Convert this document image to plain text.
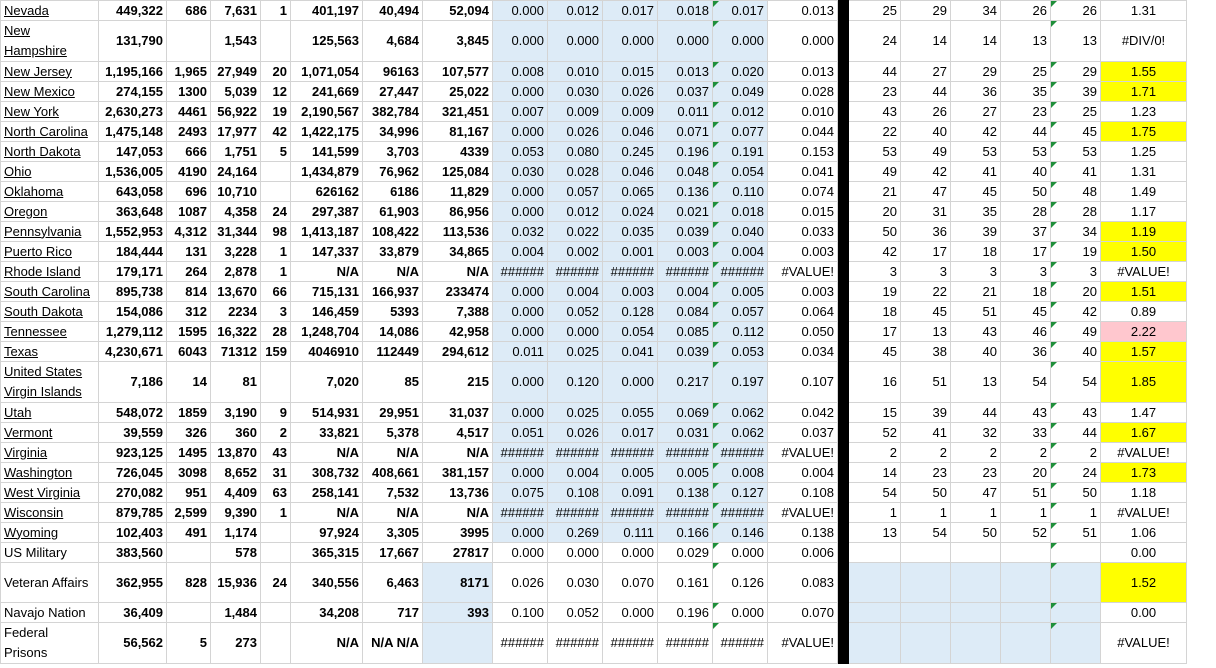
Nevada	449,322	686	7,631	1	401,197	40,494	52,094	0.000	0.012	0.017	0.018	0.017	0.013		25	29	34	26	26	1.31
New Hampshire	131,790		1,543		125,563	4,684	3,845	0.000	0.000	0.000	0.000	0.000	0.000		24	14	14	13	13	#DIV/0!
New Jersey	1,195,166	1,965	27,949	20	1,071,054	96163	107,577	0.008	0.010	0.015	0.013	0.020	0.013		44	27	29	25	29	1.55
New Mexico	274,155	1300	5,039	12	241,669	27,447	25,022	0.000	0.030	0.026	0.037	0.049	0.028		23	44	36	35	39	1.71
New York	2,630,273	4461	56,922	19	2,190,567	382,784	321,451	0.007	0.009	0.009	0.011	0.012	0.010		43	26	27	23	25	1.23
North Carolina	1,475,148	2493	17,977	42	1,422,175	34,996	81,167	0.000	0.026	0.046	0.071	0.077	0.044		22	40	42	44	45	1.75
North Dakota	147,053	666	1,751	5	141,599	3,703	4339	0.053	0.080	0.245	0.196	0.191	0.153		53	49	53	53	53	1.25
Ohio	1,536,005	4190	24,164		1,434,879	76,962	125,084	0.030	0.028	0.046	0.048	0.054	0.041		49	42	41	40	41	1.31
Oklahoma	643,058	696	10,710		626162	6186	11,829	0.000	0.057	0.065	0.136	0.110	0.074		21	47	45	50	48	1.49
Oregon	363,648	1087	4,358	24	297,387	61,903	86,956	0.000	0.012	0.024	0.021	0.018	0.015		20	31	35	28	28	1.17
Pennsylvania	1,552,953	4,312	31,344	98	1,413,187	108,422	113,536	0.032	0.022	0.035	0.039	0.040	0.033		50	36	39	37	34	1.19
Puerto Rico	184,444	131	3,228	1	147,337	33,879	34,865	0.004	0.002	0.001	0.003	0.004	0.003		42	17	18	17	19	1.50
Rhode Island	179,171	264	2,878	1	N/A	N/A	N/A	######	######	######	######	######	#VALUE!		3	3	3	3	3	#VALUE!
South Carolina	895,738	814	13,670	66	715,131	166,937	233474	0.000	0.004	0.003	0.004	0.005	0.003		19	22	21	18	20	1.51
South Dakota	154,086	312	2234	3	146,459	5393	7,388	0.000	0.052	0.128	0.084	0.057	0.064		18	45	51	45	42	0.89
Tennessee	1,279,112	1595	16,322	28	1,248,704	14,086	42,958	0.000	0.000	0.054	0.085	0.112	0.050		17	13	43	46	49	2.22
Texas	4,230,671	6043	71312	159	4046910	112449	294,612	0.011	0.025	0.041	0.039	0.053	0.034		45	38	40	36	40	1.57
United States Virgin Islands	7,186	14	81		7,020	85	215	0.000	0.120	0.000	0.217	0.197	0.107		16	51	13	54	54	1.85
Utah	548,072	1859	3,190	9	514,931	29,951	31,037	0.000	0.025	0.055	0.069	0.062	0.042		15	39	44	43	43	1.47
Vermont	39,559	326	360	2	33,821	5,378	4,517	0.051	0.026	0.017	0.031	0.062	0.037		52	41	32	33	44	1.67
Virginia	923,125	1495	13,870	43	N/A	N/A	N/A	######	######	######	######	######	#VALUE!		2	2	2	2	2	#VALUE!
Washington	726,045	3098	8,652	31	308,732	408,661	381,157	0.000	0.004	0.005	0.005	0.008	0.004		14	23	23	20	24	1.73
West Virginia	270,082	951	4,409	63	258,141	7,532	13,736	0.075	0.108	0.091	0.138	0.127	0.108		54	50	47	51	50	1.18
Wisconsin	879,785	2,599	9,390	1	N/A	N/A	N/A	######	######	######	######	######	#VALUE!		1	1	1	1	1	#VALUE!
Wyoming	102,403	491	1,174		97,924	3,305	3995	0.000	0.269	0.111	0.166	0.146	0.138		13	54	50	52	51	1.06
US Military	383,560		578		365,315	17,667	27817	0.000	0.000	0.000	0.029	0.000	0.006							0.00
Veteran Affairs	362,955	828	15,936	24	340,556	6,463	8171	0.026	0.030	0.070	0.161	0.126	0.083							1.52
Navajo Nation	36,409		1,484		34,208	717	393	0.100	0.052	0.000	0.196	0.000	0.070							0.00
Federal Prisons	56,562	5	273		N/A	N/A N/A		######	######	######	######	######	#VALUE!							#VALUE!
